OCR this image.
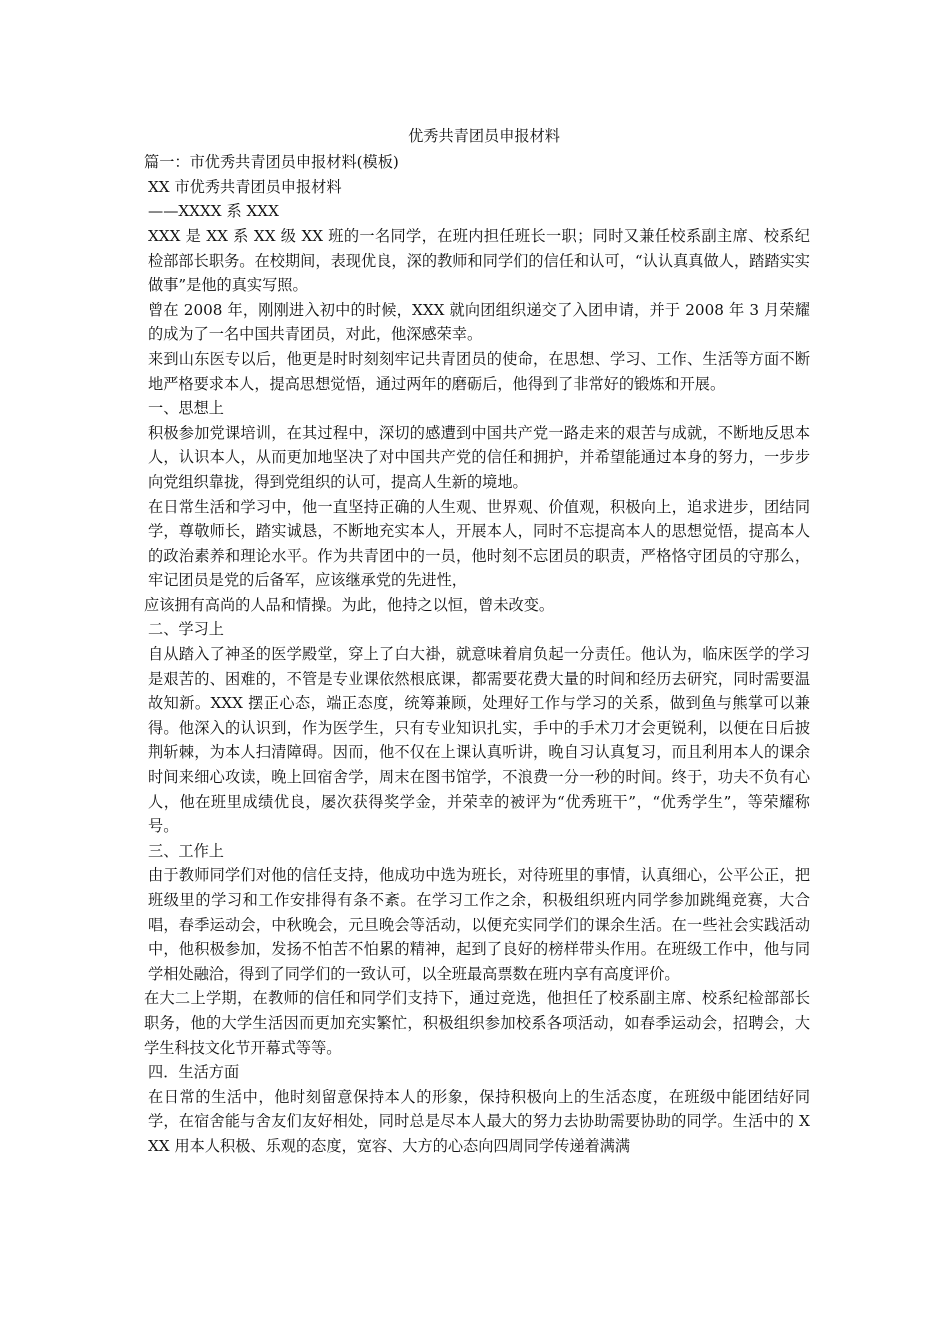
优秀共青团员申报材料
篇一：市优秀共青团员申报材料(模板)
XX 市优秀共青团员申报材料
——XXXX 系 XXX
XXX 是 XX 系 XX 级 XX 班的一名同学，在班内担任班长一职；同时又兼任校系副主席、校系纪检部部长职务。在校期间，表现优良，深的教师和同学们的信任和认可，“认认真真做人，踏踏实实做事”是他的真实写照。
曾在 2008 年，刚刚进入初中的时候，XXX 就向团组织递交了入团申请，并于 2008 年 3 月荣耀的成为了一名中国共青团员，对此，他深感荣幸。
来到山东医专以后，他更是时时刻刻牢记共青团员的使命，在思想、学习、工作、生活等方面不断地严格要求本人，提高思想觉悟，通过两年的磨砺后，他得到了非常好的锻炼和开展。
一、思想上
积极参加党课培训，在其过程中，深切的感遭到中国共产党一路走来的艰苦与成就，不断地反思本人，认识本人，从而更加地坚决了对中国共产党的信任和拥护，并希望能通过本身的努力，一步步向党组织靠拢，得到党组织的认可，提高人生新的境地。
在日常生活和学习中，他一直坚持正确的人生观、世界观、价值观，积极向上，追求进步，团结同学，尊敬师长，踏实诚恳，不断地充实本人，开展本人，同时不忘提高本人的思想觉悟，提高本人的政治素养和理论水平。作为共青团中的一员，他时刻不忘团员的职责，严格恪守团员的守那么，牢记团员是党的后备军，应该继承党的先进性，
应该拥有高尚的人品和情操。为此，他持之以恒，曾未改变。
二、学习上
自从踏入了神圣的医学殿堂，穿上了白大褂，就意味着肩负起一分责任。他认为，临床医学的学习是艰苦的、困难的，不管是专业课依然根底课，都需要花费大量的时间和经历去研究，同时需要温故知新。XXX 摆正心态，端正态度，统筹兼顾，处理好工作与学习的关系，做到鱼与熊掌可以兼得。他深入的认识到，作为医学生，只有专业知识扎实，手中的手术刀才会更锐利，以便在日后披荆斩棘，为本人扫清障碍。因而，他不仅在上课认真听讲，晚自习认真复习，而且利用本人的课余时间来细心攻读，晚上回宿舍学，周末在图书馆学，不浪费一分一秒的时间。终于，功夫不负有心人，他在班里成绩优良，屡次获得奖学金，并荣幸的被评为“优秀班干”，“优秀学生”，等荣耀称号。
三、工作上
由于教师同学们对他的信任支持，他成功中选为班长，对待班里的事情，认真细心，公平公正，把班级里的学习和工作安排得有条不紊。在学习工作之余，积极组织班内同学参加跳绳竞赛，大合唱，春季运动会，中秋晚会，元旦晚会等活动，以便充实同学们的课余生活。在一些社会实践活动中，他积极参加，发扬不怕苦不怕累的精神，起到了良好的榜样带头作用。在班级工作中，他与同学相处融洽，得到了同学们的一致认可，以全班最高票数在班内享有高度评价。
在大二上学期，在教师的信任和同学们支持下，通过竞选，他担任了校系副主席、校系纪检部部长职务，他的大学生活因而更加充实繁忙，积极组织参加校系各项活动，如春季运动会，招聘会，大学生科技文化节开幕式等等。
四．生活方面
在日常的生活中，他时刻留意保持本人的形象，保持积极向上的生活态度，在班级中能团结好同学，在宿舍能与舍友们友好相处，同时总是尽本人最大的努力去协助需要协助的同学。生活中的 XXX 用本人积极、乐观的态度，宽容、大方的心态向四周同学传递着满满
